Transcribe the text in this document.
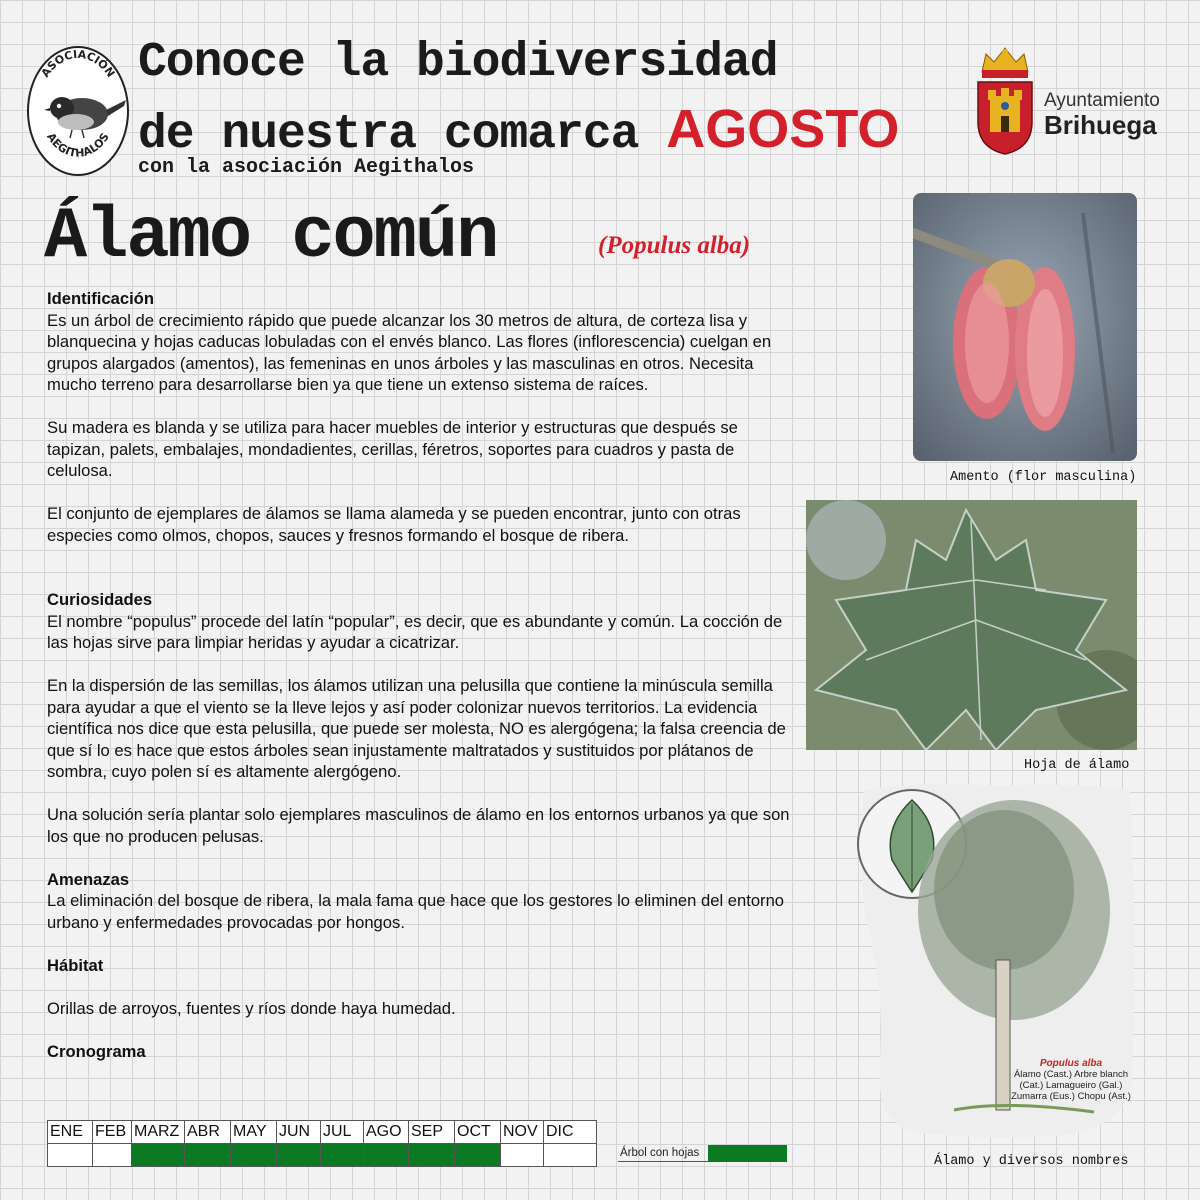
ASOCIACIÓN
AEGITHALOS
Conoce la biodiversidad
de nuestra comarca AGOSTO
con la asociación Aegithalos
Ayuntamiento
Brihuega
Álamo común	(Populus alba)
Identificación

Es un árbol de crecimiento rápido que puede alcanzar los 30 metros de altura, de corteza lisa y blanquecina y hojas caducas lobuladas con el envés blanco. Las flores (inflorescencia) cuelgan en grupos alargados (amentos), las femeninas en unos árboles y las masculinas en otros. Necesita mucho terreno para desarrollarse bien ya que tiene un extenso sistema de raíces.

Su madera es blanda y se utiliza para hacer muebles de interior y estructuras que después se tapizan, palets, embalajes, mondadientes, cerillas, féretros, soportes para cuadros y pasta de celulosa.

El conjunto de ejemplares de álamos se llama alameda y se pueden encontrar, junto con otras especies como olmos, chopos, sauces y fresnos formando el bosque de ribera.

Curiosidades

El nombre “populus” procede del latín “popular”, es decir, que es abundante y común. La cocción de las hojas sirve para limpiar heridas y ayudar a cicatrizar.

En la dispersión de las semillas, los álamos utilizan una pelusilla que contiene la minúscula semilla para ayudar a que el viento se la lleve lejos y así poder colonizar nuevos territorios. La evidencia científica nos dice que esta pelusilla, que puede ser molesta, NO es alergógena; la falsa creencia de que sí lo es hace que estos árboles sean injustamente maltratados y sustituidos por plátanos de sombra, cuyo polen sí es altamente alergógeno.

Una solución sería plantar solo ejemplares masculinos de álamo en los entornos urbanos ya que son los que no producen pelusas.

Amenazas

La eliminación del bosque de ribera, la mala fama que hace que los gestores lo eliminen del entorno urbano y enfermedades provocadas por hongos.

Hábitat

Orillas de arroyos, fuentes y ríos donde haya humedad.

Cronograma
Amento (flor masculina)
Hoja de álamo
Populus alba
Álamo (Cast.) Arbre blanch
(Cat.) Lamagueiro (Gal.)
Zumarra (Eus.) Chopu (Ast.)
Álamo y diversos nombres
ENE	FEB	MARZ	ABR	MAY	JUN	JUL	AGO	SEP	OCT	NOV	DIC

Árbol con hojas
